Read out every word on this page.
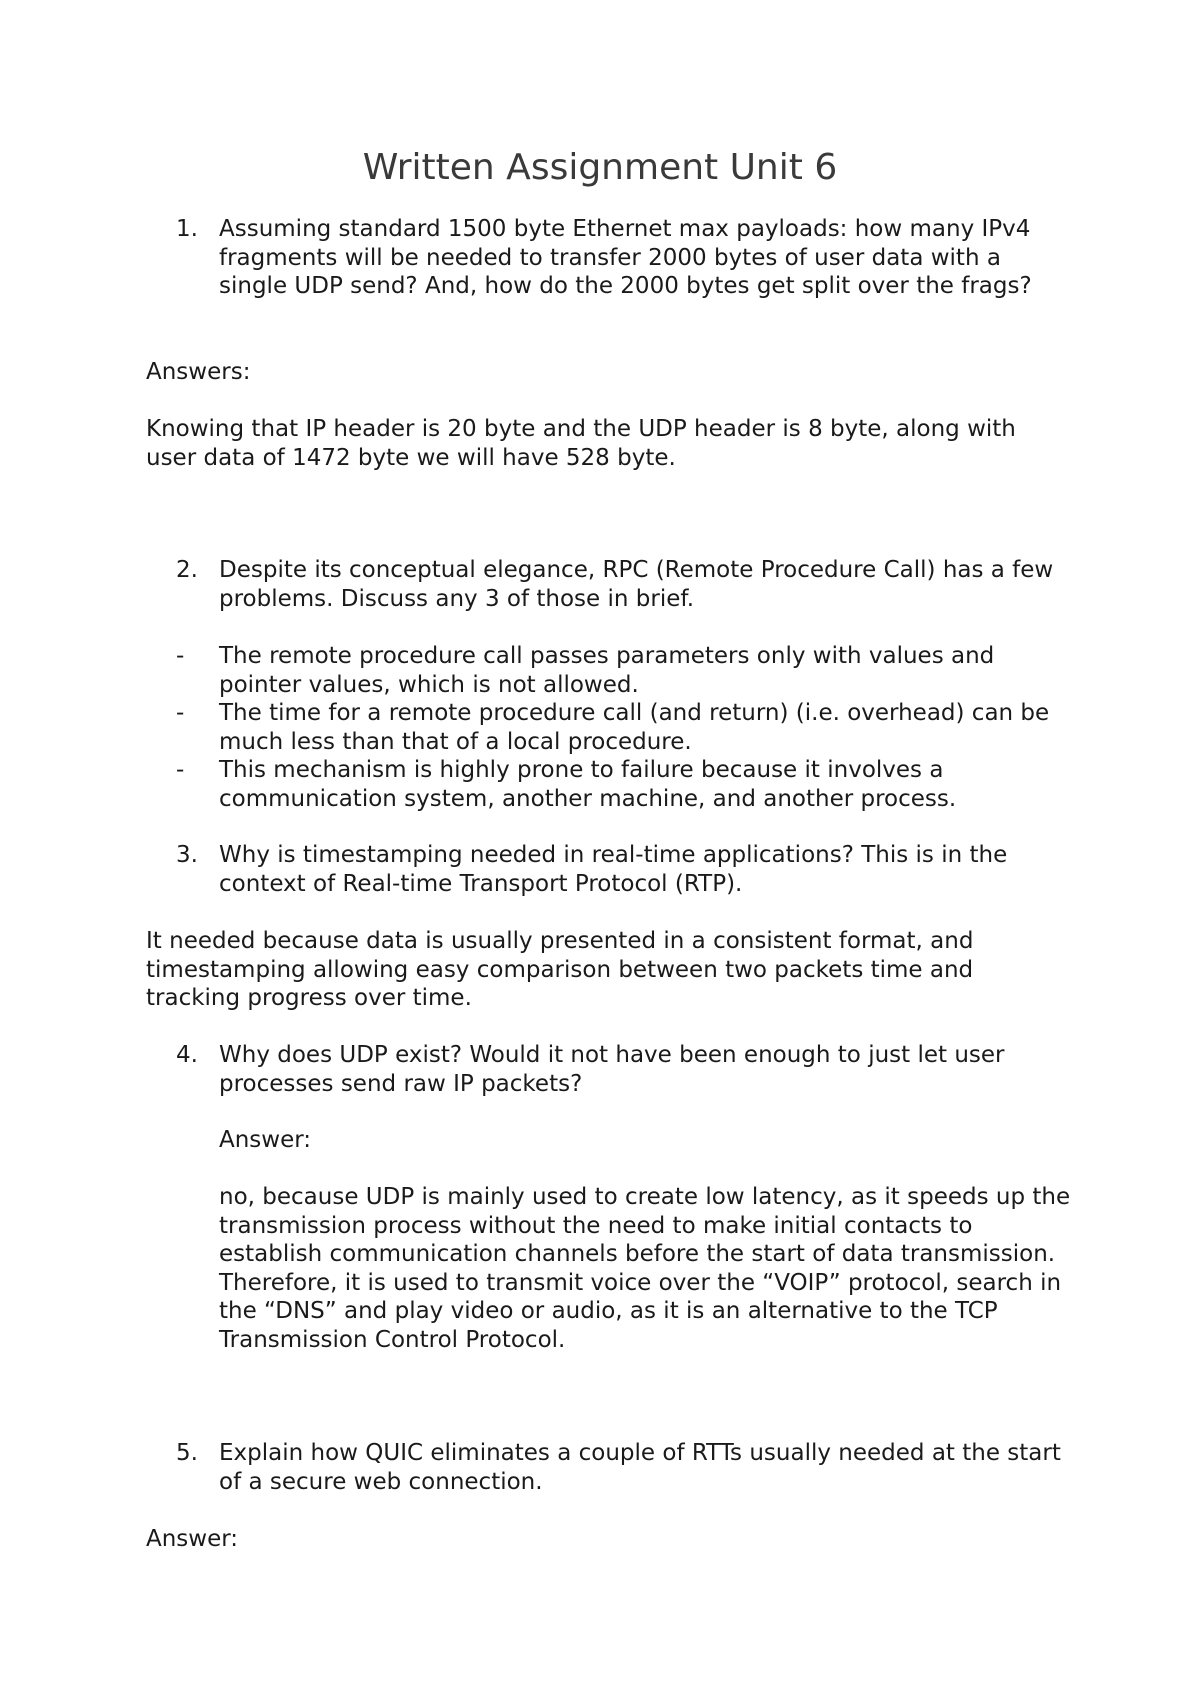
Written Assignment Unit 6
1. Assuming standard 1500 byte Ethernet max payloads: how many IPv4 fragments will be needed to transfer 2000 bytes of user data with a single UDP send? And, how do the 2000 bytes get split over the frags?

Answers:

Knowing that IP header is 20 byte and the UDP header is 8 byte, along with user data of 1472 byte we will have 528 byte.

2. Despite its conceptual elegance, RPC (Remote Procedure Call) has a few problems. Discuss any 3 of those in brief.
-	The remote procedure call passes parameters only with values and pointer values, which is not allowed.
-	The time for a remote procedure call (and return) (i.e. overhead) can be much less than that of a local procedure.
-	This mechanism is highly prone to failure because it involves a communication system, another machine, and another process.
3. Why is timestamping needed in real-time applications? This is in the context of Real-time Transport Protocol (RTP).

It needed because data is usually presented in a consistent format, and timestamping allowing easy comparison between two packets time and tracking progress over time.

4. Why does UDP exist? Would it not have been enough to just let user processes send raw IP packets?

Answer:

no, because UDP is mainly used to create low latency, as it speeds up the transmission process without the need to make initial contacts to establish communication channels before the start of data transmission. Therefore, it is used to transmit voice over the “VOIP” protocol, search in the “DNS” and play video or audio, as it is an alternative to the TCP Transmission Control Protocol.

5. Explain how QUIC eliminates a couple of RTTs usually needed at the start of a secure web connection.

Answer:
